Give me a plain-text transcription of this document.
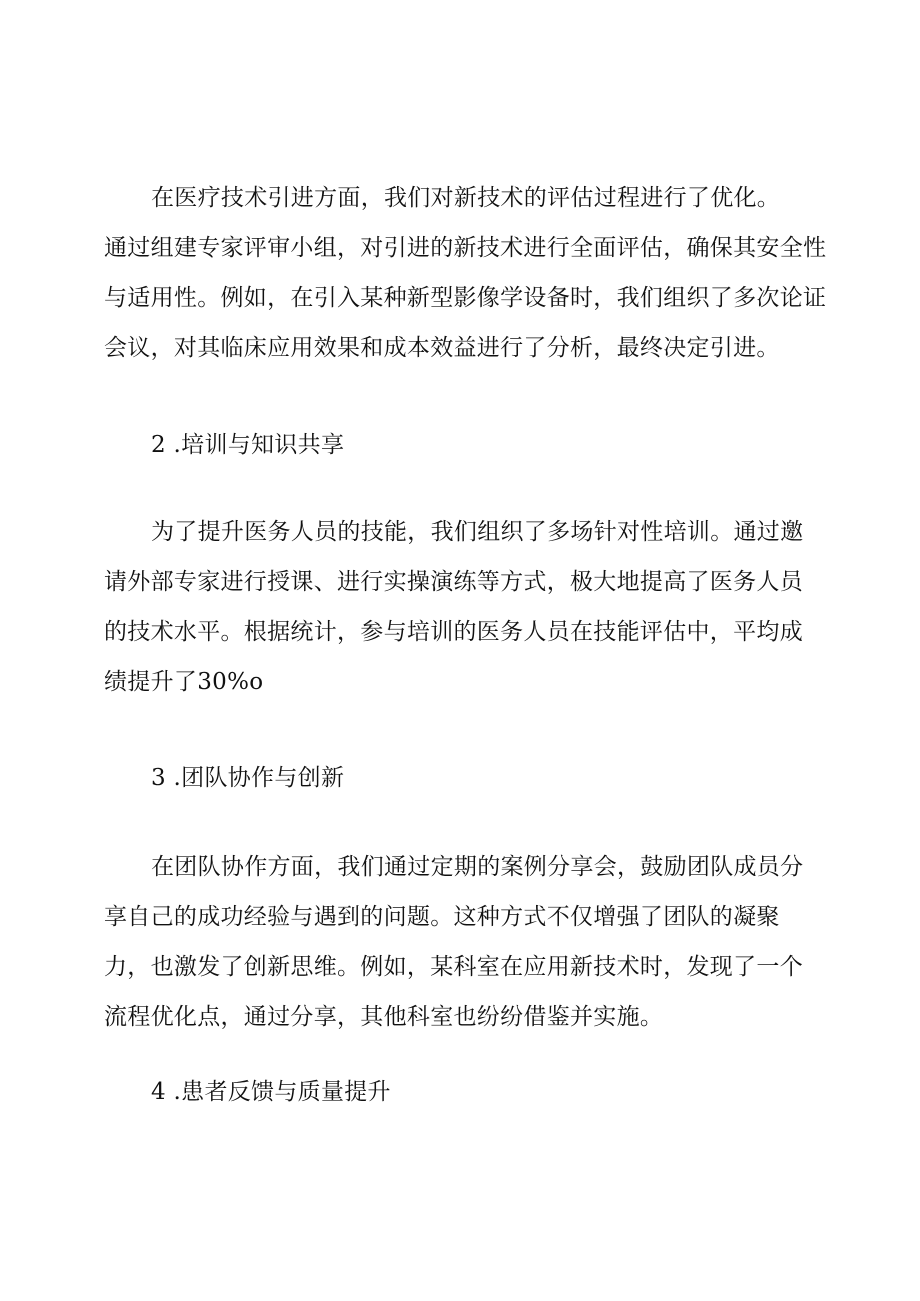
在医疗技术引进方面，我们对新技术的评估过程进行了优化。
通过组建专家评审小组，对引进的新技术进行全面评估，确保其安全性
与适用性。例如，在引入某种新型影像学设备时，我们组织了多次论证
会议，对其临床应用效果和成本效益进行了分析，最终决定引进。
2 .培训与知识共享
为了提升医务人员的技能，我们组织了多场针对性培训。通过邀
请外部专家进行授课、进行实操演练等方式，极大地提高了医务人员
的技术水平。根据统计，参与培训的医务人员在技能评估中，平均成
绩提升了30%o
3 .团队协作与创新
在团队协作方面，我们通过定期的案例分享会，鼓励团队成员分
享自己的成功经验与遇到的问题。这种方式不仅增强了团队的凝聚
力，也激发了创新思维。例如，某科室在应用新技术时，发现了一个
流程优化点，通过分享，其他科室也纷纷借鉴并实施。
4 .患者反馈与质量提升
